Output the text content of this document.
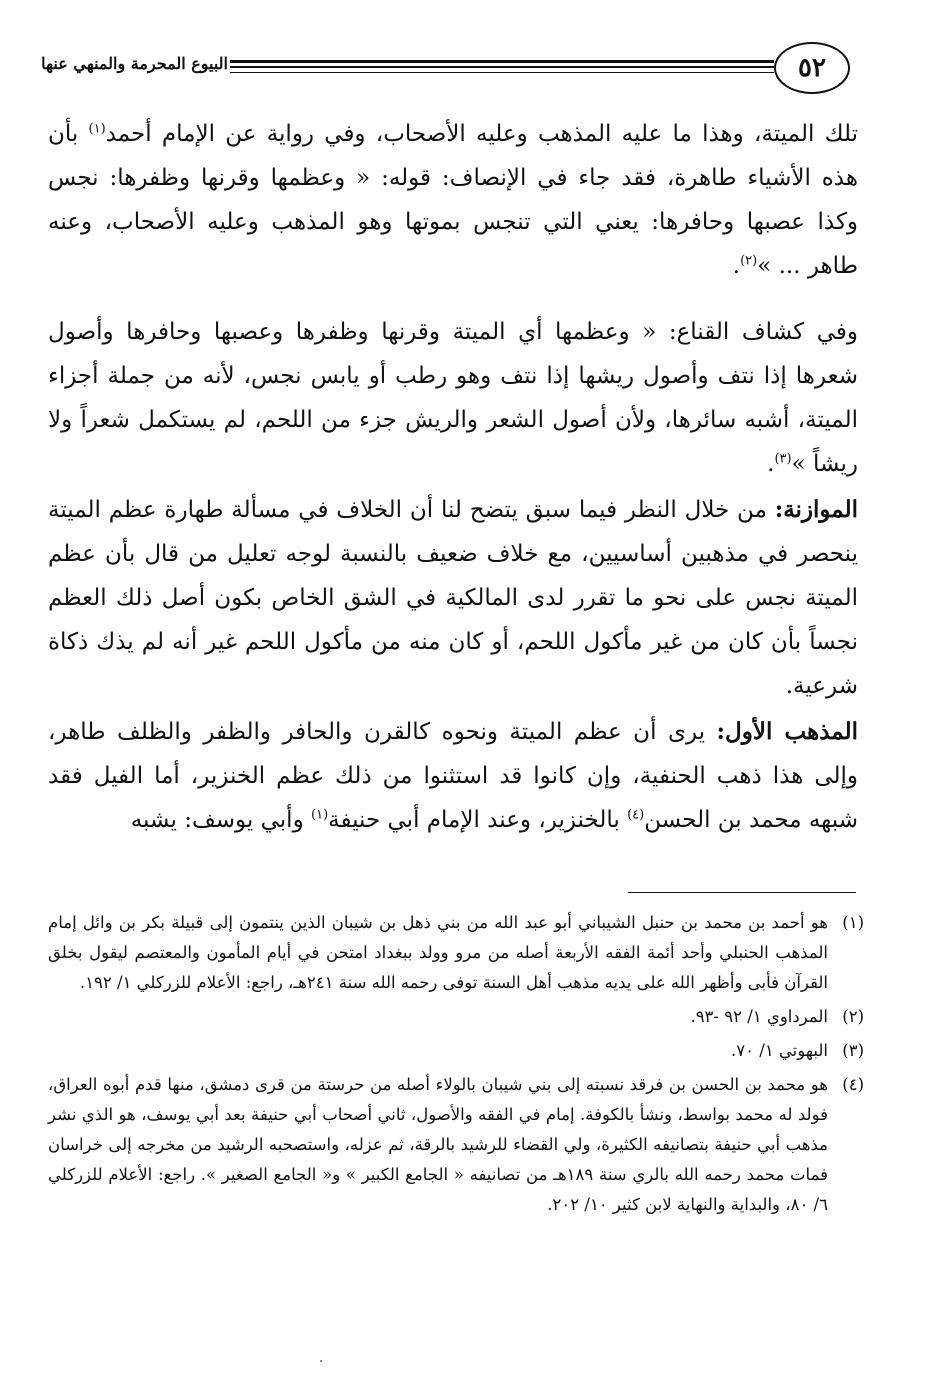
٥٢
البيوع المحرمة والمنهي عنها

تلك الميتة، وهذا ما عليه المذهب وعليه الأصحاب، وفي رواية عن الإمام أحمد$^{(١)}$ بأن هذه الأشياء طاهرة، فقد جاء في الإنصاف: قوله: « وعظمها وقرنها وظفرها: نجس وكذا عصبها وحافرها: يعني التي تنجس بموتها وهو المذهب وعليه الأصحاب، وعنه طاهر ... »$^{(٢)}$.

وفي كشاف القناع: « وعظمها أي الميتة وقرنها وظفرها وعصبها وحافرها وأصول شعرها إذا نتف وأصول ريشها إذا نتف وهو رطب أو يابس نجس، لأنه من جملة أجزاء الميتة، أشبه سائرها، ولأن أصول الشعر والريش جزء من اللحم، لم يستكمل شعراً ولا ريشاً »$^{(٣)}$.

الموازنة: من خلال النظر فيما سبق يتضح لنا أن الخلاف في مسألة طهارة عظم الميتة ينحصر في مذهبين أساسيين، مع خلاف ضعيف بالنسبة لوجه تعليل من قال بأن عظم الميتة نجس على نحو ما تقرر لدى المالكية في الشق الخاص بكون أصل ذلك العظم نجساً بأن كان من غير مأكول اللحم، أو كان منه من مأكول اللحم غير أنه لم يذك ذكاة شرعية.

المذهب الأول: يرى أن عظم الميتة ونحوه كالقرن والحافر والظفر والظلف طاهر، وإلى هذا ذهب الحنفية، وإن كانوا قد استثنوا من ذلك عظم الخنزير، أما الفيل فقد شبهه محمد بن الحسن$^{(٤)}$ بالخنزير، وعند الإمام أبي حنيفة$^{(١)}$ وأبي يوسف: يشبه

(١)
هو أحمد بن محمد بن حنبل الشيباني أبو عبد الله من بني ذهل بن شيبان الذين ينتمون إلى قبيلة بكر بن وائل إمام المذهب الحنبلي وأحد أئمة الفقه الأربعة أصله من مرو وولد ببغداد امتحن في أيام المأمون والمعتصم ليقول بخلق القرآن فأبى وأظهر الله على يديه مذهب أهل السنة توفى رحمه الله سنة ٢٤١هـ، راجع: الأعلام للزركلي ١/ ١٩٢.
(٢)
المرداوي ١/ ٩٢ -٩٣.
(٣)
البهوتي ١/ ٧٠.
(٤)
هو محمد بن الحسن بن فرقد نسبته إلى بني شيبان بالولاء أصله من حرستة من قرى دمشق، منها قدم أبوه العراق، فولد له محمد بواسط، ونشأ بالكوفة. إمام في الفقه والأصول، ثاني أصحاب أبي حنيفة بعد أبي يوسف، هو الذي نشر مذهب أبي حنيفة بتصانيفه الكثيرة، ولي القضاء للرشيد بالرقة، ثم عزله، واستصحبه الرشيد من مخرجه إلى خراسان فمات محمد رحمه الله بالري سنة ١٨٩هـ من تصانيفه « الجامع الكبير » و« الجامع الصغير ». راجع: الأعلام للزركلي ٦/ ٨٠، والبداية والنهاية لابن كثير ١٠/ ٢٠٢.
